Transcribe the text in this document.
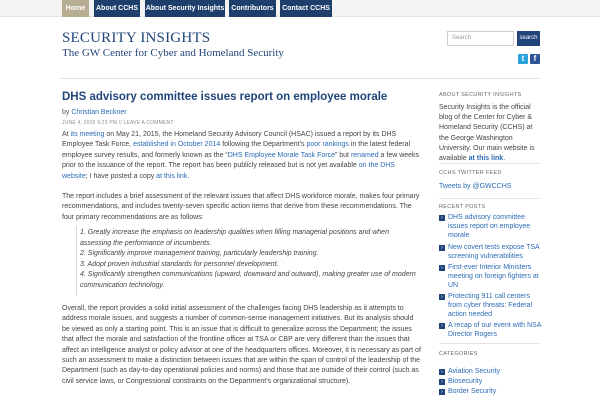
Home	About CCHS About Security Insights	Contributors	Contact CCHS
SECURITY INSIGHTS
The GW Center for Cyber and Homeland Security
Search	search
t	f
DHS advisory committee issues report on employee morale
by Christian Beckner
JUNE 4, 2015 9:23 PM // LEAVE A COMMENT
At its meeting on May 21, 2015, the Homeland Security Advisory Council (HSAC) issued a report by its DHS Employee Task Force, established in October 2014 following the Department’s poor rankings in the latest federal employee survey results, and formerly known as the “DHS Employee Morale Task Force” but renamed a few weeks prior to the issuance of the report. The report has been publicly released but is not yet available on the DHS website; I have posted a copy at this link.
The report includes a brief assessment of the relevant issues that affect DHS workforce morale, makes four primary recommendations, and includes twenty-seven specific action items that derive from these recommendations. The four primary recommendations are as follows:
1. Greatly increase the emphasis on leadership qualities when filling managerial positions and when assessing the performance of incumbents.
2. Significantly improve management training, particularly leadership training.
3. Adopt proven industrial standards for personnel development.
4. Significantly strengthen communications (upward, downward and outward), making greater use of modern communication technology.
Overall, the report provides a solid initial assessment of the challenges facing DHS leadership as it attempts to address morale issues, and suggests a number of common-sense management initiatives. But its analysis should be viewed as only a starting point. This is an issue that is difficult to generalize across the Department; the issues that affect the morale and satisfaction of the frontline officer at TSA or CBP are very different than the issues that affect an intelligence analyst or policy advisor at one of the headquarters offices. Moreover, it is necessary as part of such an assessment to make a distinction between issues that are within the span of control of the leadership of the Department (such as day-to-day operational policies and norms) and those that are outside of their control (such as civil service laws, or Congressional constraints on the Department’s organizational structure).
ABOUT SECURITY INSIGHTS
Security Insights is the official blog of the Center for Cyber & Homeland Security (CCHS) at the George Washington University. Our main website is available at this link.
CCHS TWITTER FEED
Tweets by @GWCCHS
RECENT POSTS
› DHS advisory committee issues report on employee morale
› New covert tests expose TSA screening vulnerabilities
› First-ever Interior Ministers meeting on foreign fighters at UN
› Protecting 911 call centers from cyber threats: Federal action needed
› A recap of our event with NSA Director Rogers
CATEGORIES
› Aviation Security
› Biosecurity
› Border Security
